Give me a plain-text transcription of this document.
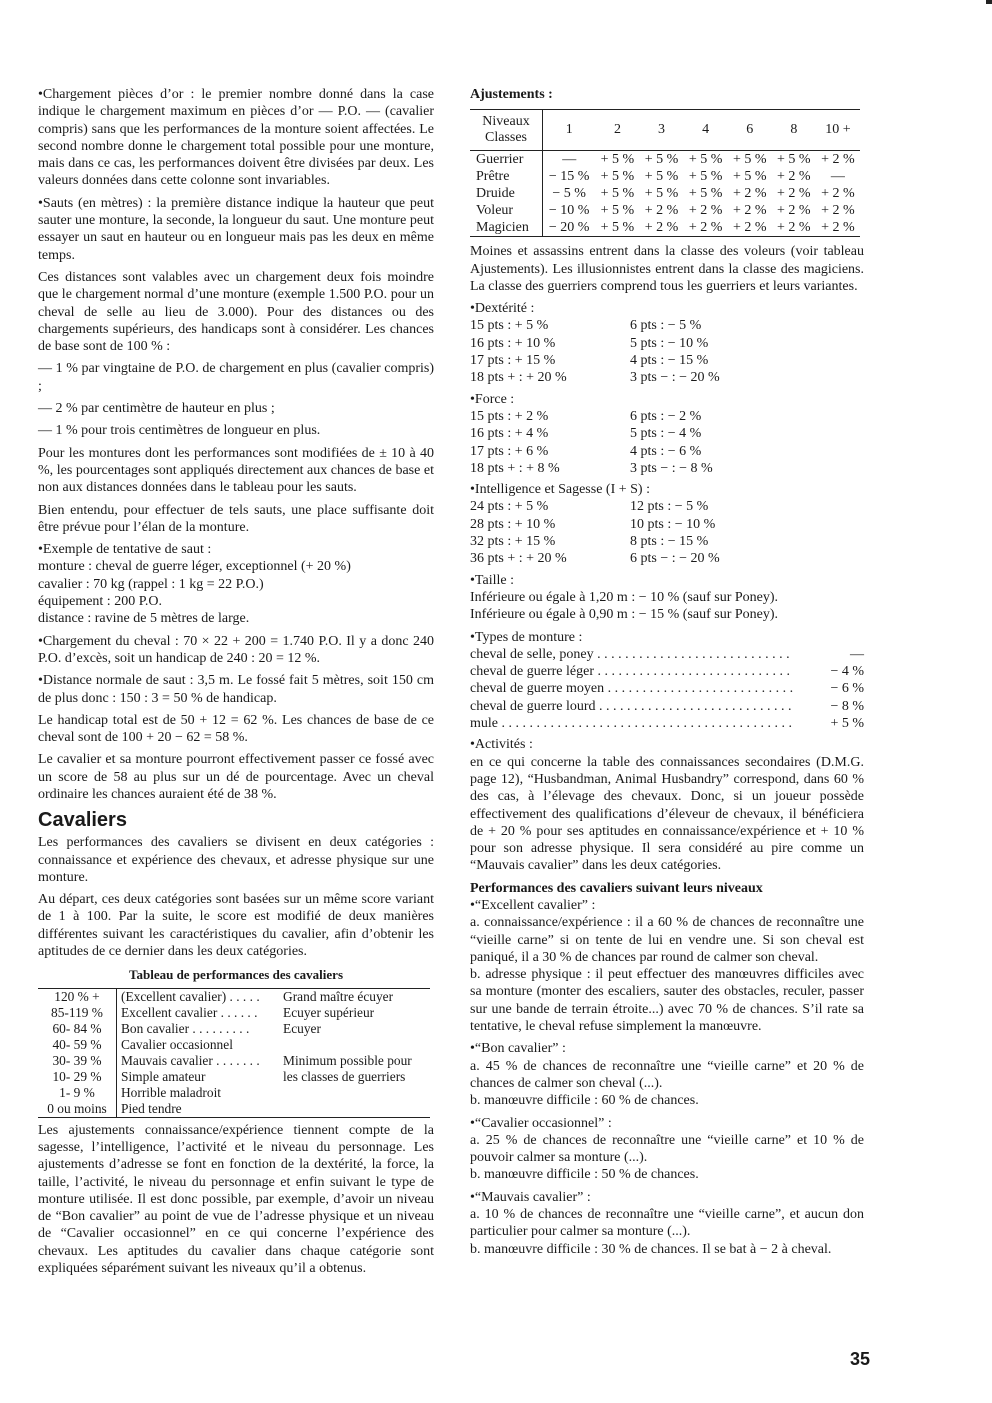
• Chargement pièces d’or : le premier nombre donné dans la case indique le chargement maximum en pièces d’or — P.O. — (cavalier compris) sans que les performances de la monture soient affectées. Le second nombre donne le chargement total possible pour une monture, mais dans ce cas, les performances doivent être divisées par deux. Les valeurs données dans cette colonne sont invariables.

• Sauts (en mètres) : la première distance indique la hauteur que peut sauter une monture, la seconde, la longueur du saut. Une monture peut essayer un saut en hauteur ou en longueur mais pas les deux en même temps.

Ces distances sont valables avec un chargement deux fois moindre que le chargement normal d’une monture (exemple 1.500 P.O. pour un cheval de selle au lieu de 3.000). Pour des distances ou des chargements supérieurs, des handicaps sont à considérer. Les chances de base sont de 100 % :

— 1 % par vingtaine de P.O. de chargement en plus (cavalier compris) ;

— 2 % par centimètre de hauteur en plus ;

— 1 % pour trois centimètres de longueur en plus.

Pour les montures dont les performances sont modifiées de ± 10 à 40 %, les pourcentages sont appliqués directement aux chances de base et non aux distances données dans le tableau pour les sauts.

Bien entendu, pour effectuer de tels sauts, une place suffisante doit être prévue pour l’élan de la monture.

• Exemple de tentative de saut :
monture : cheval de guerre léger, exceptionnel (+ 20 %)
cavalier : 70 kg (rappel : 1 kg = 22 P.O.)
équipement : 200 P.O.

distance : ravine de 5 mètres de large.

• Chargement du cheval : 70 × 22 + 200 = 1.740 P.O. Il y a donc 240 P.O. d’excès, soit un handicap de 240 : 20 = 12 %.

• Distance normale de saut : 3,5 m. Le fossé fait 5 mètres, soit 150 cm de plus donc : 150 : 3 = 50 % de handicap.

Le handicap total est de 50 + 12 = 62 %. Les chances de base de ce cheval sont de 100 + 20 − 62 = 58 %.

Le cavalier et sa monture pourront effectivement passer ce fossé avec un score de 58 au plus sur un dé de pourcentage. Avec un cheval ordinaire les chances auraient été de 38 %.

Cavaliers

Les performances des cavaliers se divisent en deux catégories : connaissance et expérience des chevaux, et adresse physique sur une monture.

Au départ, ces deux catégories sont basées sur un même score variant de 1 à 100. Par la suite, le score est modifié de deux manières différentes suivant les caractéristiques du cavalier, afin d’obtenir les aptitudes de ce dernier dans les deux catégories.

Tableau de performances des cavaliers
120 % +	(Excellent cavalier) . . . . .	Grand maître écuyer
85-119 %	Excellent cavalier . . . . . .	Ecuyer supérieur
60- 84 %	Bon cavalier . . . . . . . . .	Ecuyer
40- 59 %	Cavalier occasionnel	
30- 39 %	Mauvais cavalier . . . . . . .	Minimum possible pour
10- 29 %	Simple amateur	les classes de guerriers
1- 9 %	Horrible maladroit	
0 ou moins	Pied tendre	

Les ajustements connaissance/expérience tiennent compte de la sagesse, l’intelligence, l’activité et le niveau du personnage. Les ajustements d’adresse se font en fonction de la dextérité, la force, la taille, l’activité, le niveau du personnage et enfin suivant le type de monture utilisée. Il est donc possible, par exemple, d’avoir un niveau de “Bon cavalier” au point de vue de l’adresse physique et un niveau de “Cavalier occasionnel” en ce qui concerne l’expérience des chevaux. Les aptitudes du cavalier dans chaque catégorie sont expliquées séparément suivant les niveaux qu’il a obtenus.

Ajustements :
Niveaux Classes	1	2	3	4	6	8	10 +
Guerrier	—	+ 5 %	+ 5 %	+ 5 %	+ 5 %	+ 5 %	+ 2 %
Prêtre	− 15 %	+ 5 %	+ 5 %	+ 5 %	+ 5 %	+ 2 %	—
Druide	− 5 %	+ 5 %	+ 5 %	+ 5 %	+ 2 %	+ 2 %	+ 2 %
Voleur	− 10 %	+ 5 %	+ 2 %	+ 2 %	+ 2 %	+ 2 %	+ 2 %
Magicien	− 20 %	+ 5 %	+ 2 %	+ 2 %	+ 2 %	+ 2 %	+ 2 %

Moines et assassins entrent dans la classe des voleurs (voir tableau Ajustements). Les illusionnistes entrent dans la classe des magiciens. La classe des guerriers comprend tous les guerriers et leurs variantes.

• Dextérité :
15 pts : + 5 %	6 pts : − 5 %
16 pts : + 10 %	5 pts : − 10 %
17 pts : + 15 %	4 pts : − 15 %
18 pts + : + 20 %	3 pts − : − 20 %
• Force :
15 pts : + 2 %	6 pts : − 2 %
16 pts : + 4 %	5 pts : − 4 %
17 pts : + 6 %	4 pts : − 6 %
18 pts + : + 8 %	3 pts − : − 8 %
• Intelligence et Sagesse (I + S) :
24 pts : + 5 %	12 pts : − 5 %
28 pts : + 10 %	10 pts : − 10 %
32 pts : + 15 %	8 pts : − 15 %
36 pts + : + 20 %	6 pts − : − 20 %
• Taille :
Inférieure ou égale à 1,20 m : − 10 % (sauf sur Poney).

Inférieure ou égale à 0,90 m : − 15 % (sauf sur Poney).

• Types de monture :
cheval de selle, poney . . . . . . . . . . . . . . . . . . . . . . . . . . . .	—
cheval de guerre léger . . . . . . . . . . . . . . . . . . . . . . . . . . . .	− 4 %
cheval de guerre moyen . . . . . . . . . . . . . . . . . . . . . . . . . . .	− 6 %
cheval de guerre lourd . . . . . . . . . . . . . . . . . . . . . . . . . . . .	− 8 %
mule . . . . . . . . . . . . . . . . . . . . . . . . . . . . . . . . . . . . . . . . . .	+ 5 %
• Activités :

en ce qui concerne la table des connaissances secondaires (D.M.G. page 12), “Husbandman, Animal Husbandry” correspond, dans 60 % des cas, à l’élevage des chevaux. Donc, si un joueur possède effectivement des qualifications d’éleveur de chevaux, il bénéficiera de + 20 % pour ses aptitudes en connaissance/expérience et + 10 % pour son adresse physique. Il sera considéré au pire comme un “Mauvais cavalier” dans les deux catégories.

Performances des cavaliers suivant leurs niveaux
• “Excellent cavalier” :
a. connaissance/expérience : il a 60 % de chances de reconnaître une “vieille carne” si on tente de lui en vendre une. Si son cheval est paniqué, il a 30 % de chances par round de calmer son cheval.

b. adresse physique : il peut effectuer des manœuvres difficiles avec sa monture (monter des escaliers, sauter des obstacles, reculer, passer sur une bande de terrain étroite...) avec 70 % de chances. S’il rate sa tentative, le cheval refuse simplement la manœuvre.

• “Bon cavalier” :
a. 45 % de chances de reconnaître une “vieille carne” et 20 % de chances de calmer son cheval (...).

b. manœuvre difficile : 60 % de chances.

• “Cavalier occasionnel” :
a. 25 % de chances de reconnaître une “vieille carne” et 10 % de pouvoir calmer sa monture (...).

b. manœuvre difficile : 50 % de chances.

• “Mauvais cavalier” :
a. 10 % de chances de reconnaître une “vieille carne”, et aucun don particulier pour calmer sa monture (...).
b. manœuvre difficile : 30 % de chances. Il se bat à − 2 à cheval.
35
